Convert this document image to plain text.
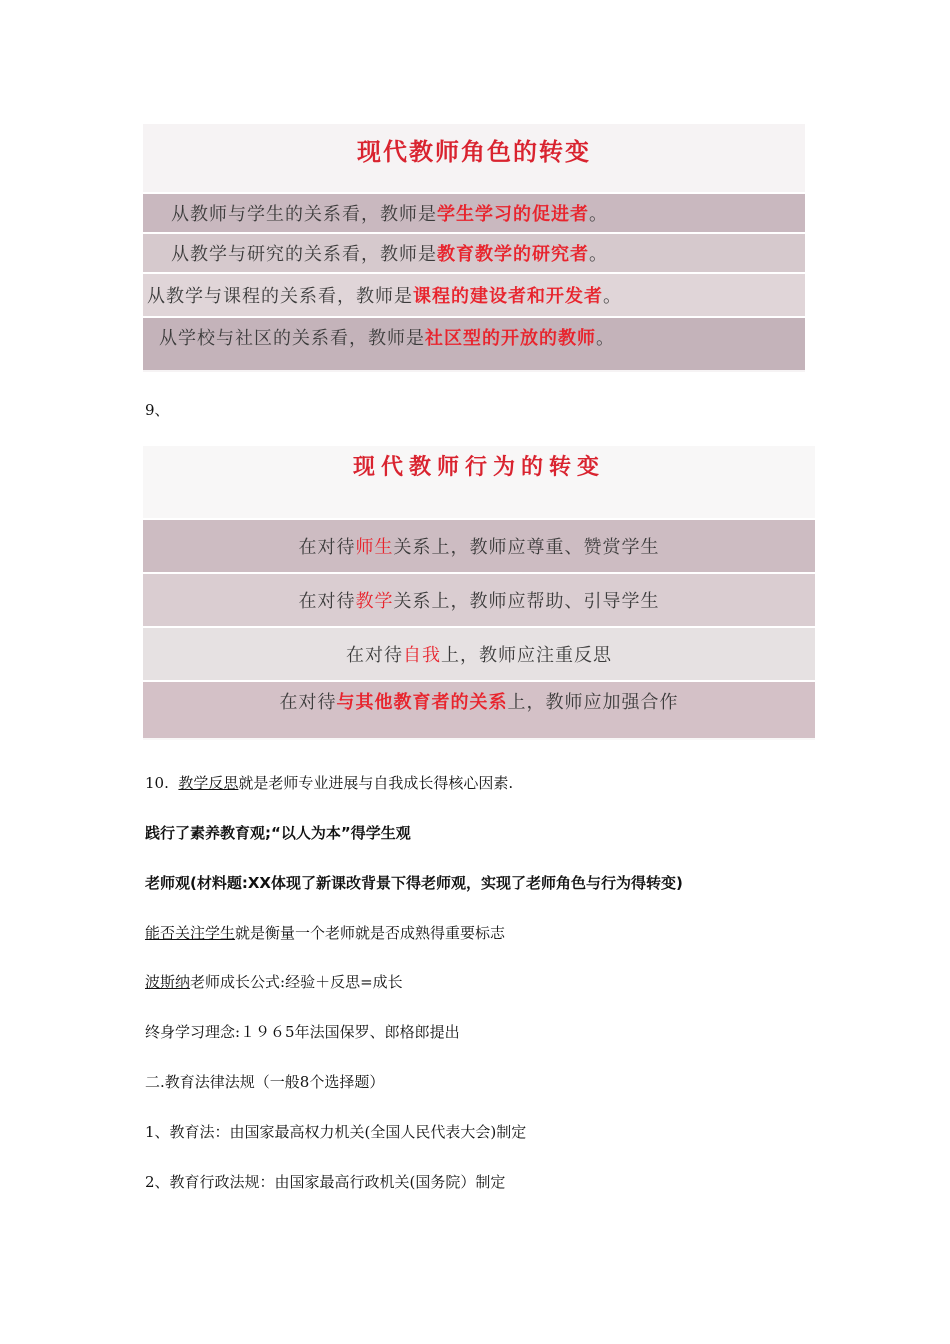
现代教师角色的转变
从教师与学生的关系看，教师是 学生学习的促进者 。
从教学与研究的关系看，教师是 教育教学的研究者 。
从教学与课程的关系看，教师是 课程的建设者和开发者 。
从学校与社区的关系看，教师是 社区型的开放的教师 。
9、
现代教师行为的转变
在对待 师生 关系上，教师应尊重、赞赏学生
在对待 教学 关系上，教师应帮助、引导学生
在对待 自我 上，教师应注重反思
在对待 与其他教育者的关系 上，教师应加强合作
10. 教学反思就是老师专业进展与自我成长得核心因素.
践行了素养教育观;“以人为本”得学生观
老师观(材料题:XX体现了新课改背景下得老师观，实现了老师角色与行为得转变)
能否关注学生就是衡量一个老师就是否成熟得重要标志
波斯纳老师成长公式:经验＋反思=成长
终身学习理念:１９６5年法国保罗、郎格郎提出
二.教育法律法规（一般8个选择题）
1、教育法：由国家最高权力机关(全国人民代表大会)制定
2、教育行政法规：由国家最高行政机关(国务院）制定
